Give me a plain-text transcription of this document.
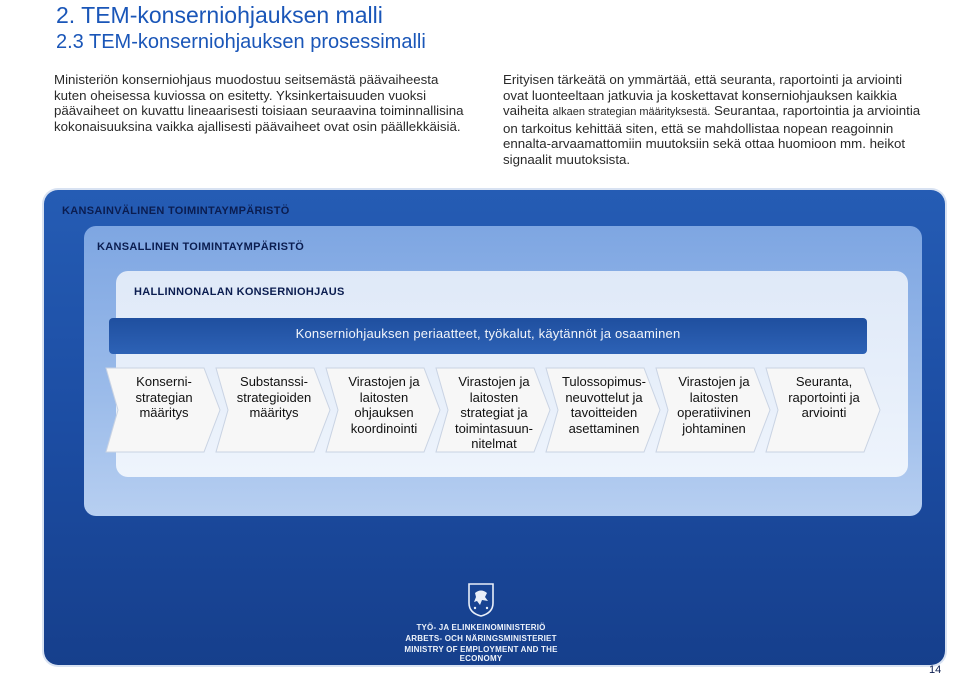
2. TEM-konserniohjauksen malli
2.3 TEM-konserniohjauksen prosessimalli
Ministeriön konserniohjaus muodostuu seitsemästä päävaiheesta kuten oheisessa kuviossa on esitetty. Yksinkertaisuuden vuoksi päävaiheet on kuvattu lineaarisesti toisiaan seuraavina toiminnallisina kokonaisuuksina vaikka ajallisesti päävaiheet ovat osin päällekkäisiä.
Erityisen tärkeätä on ymmärtää, että seuranta, raportointi ja arviointi ovat luonteeltaan jatkuvia ja koskettavat konserniohjauksen kaikkia vaiheita alkaen strategian määrityksestä. Seurantaa, raportointia ja arviointia on tarkoitus kehittää siten, että se mahdollistaa nopean reagoinnin ennalta-arvaamattomiin muutoksiin sekä ottaa huomioon mm. heikot signaalit muutoksista.
KANSAINVÄLINEN TOIMINTAYMPÄRISTÖ
KANSALLINEN TOIMINTAYMPÄRISTÖ
HALLINNONALAN KONSERNIOHJAUS
Konserniohjauksen periaatteet, työkalut, käytännöt ja osaaminen
Konserni-strategian määritys
Substanssi-strategioiden määritys
Virastojen ja laitosten ohjauksen koordinointi
Virastojen ja laitosten strategiat ja toimintasuun-nitelmat
Tulossopimus-neuvottelut ja tavoitteiden asettaminen
Virastojen ja laitosten operatiivinen johtaminen
Seuranta, raportointi ja arviointi
TYÖ- JA ELINKEINOMINISTERIÖ
ARBETS- OCH NÄRINGSMINISTERIET
MINISTRY OF EMPLOYMENT AND THE ECONOMY
14
